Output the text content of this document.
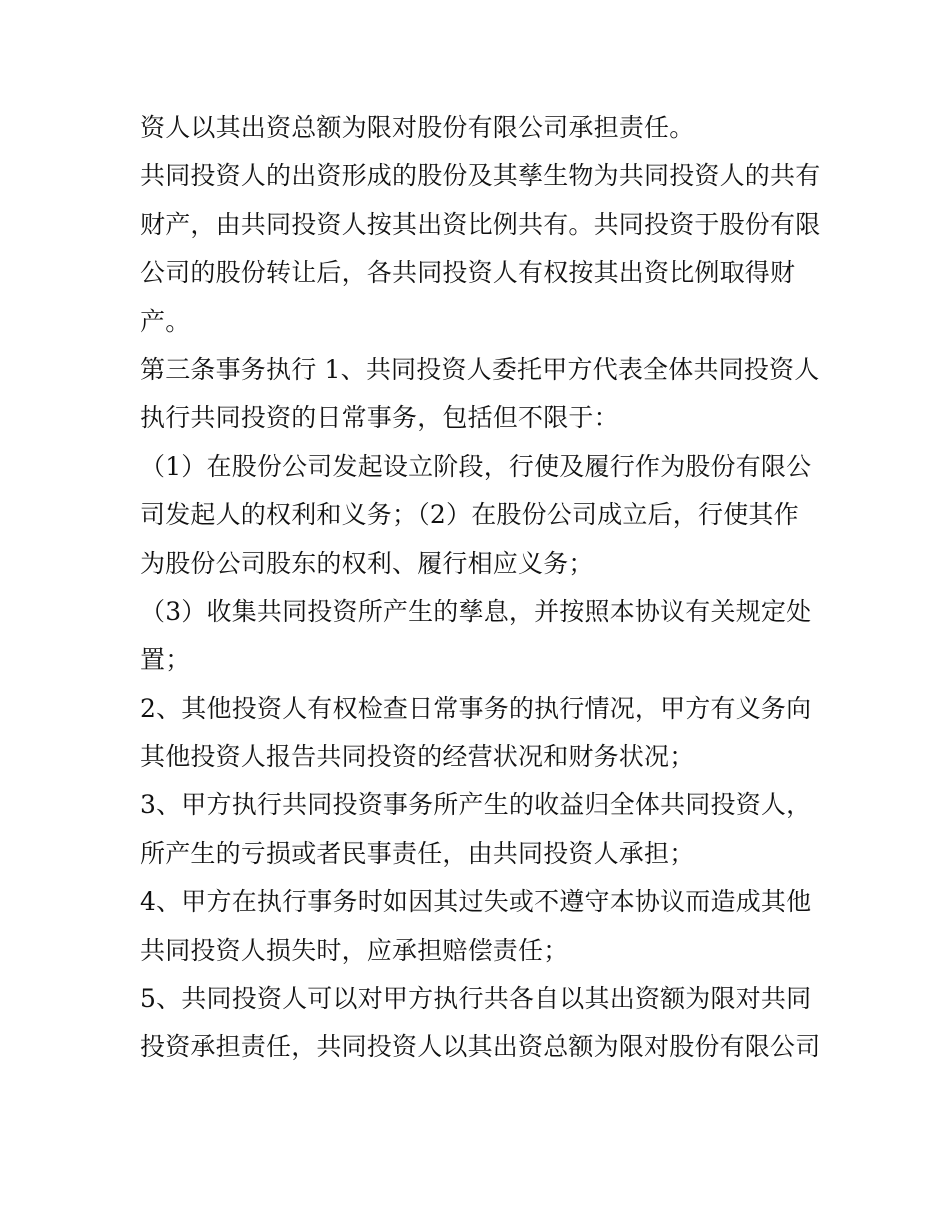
资人以其出资总额为限对股份有限公司承担责任。
共同投资人的出资形成的股份及其孳生物为共同投资人的共有
财产，由共同投资人按其出资比例共有。共同投资于股份有限
公司的股份转让后，各共同投资人有权按其出资比例取得财
产。
第三条事务执行 1、共同投资人委托甲方代表全体共同投资人
执行共同投资的日常事务，包括但不限于：
（1）在股份公司发起设立阶段，行使及履行作为股份有限公
司发起人的权利和义务；（2）在股份公司成立后，行使其作
为股份公司股东的权利、履行相应义务；
（3）收集共同投资所产生的孳息，并按照本协议有关规定处
置；
2、其他投资人有权检查日常事务的执行情况，甲方有义务向
其他投资人报告共同投资的经营状况和财务状况；
3、甲方执行共同投资事务所产生的收益归全体共同投资人，
所产生的亏损或者民事责任，由共同投资人承担；
4、甲方在执行事务时如因其过失或不遵守本协议而造成其他
共同投资人损失时，应承担赔偿责任；
5、共同投资人可以对甲方执行共各自以其出资额为限对共同
投资承担责任，共同投资人以其出资总额为限对股份有限公司
